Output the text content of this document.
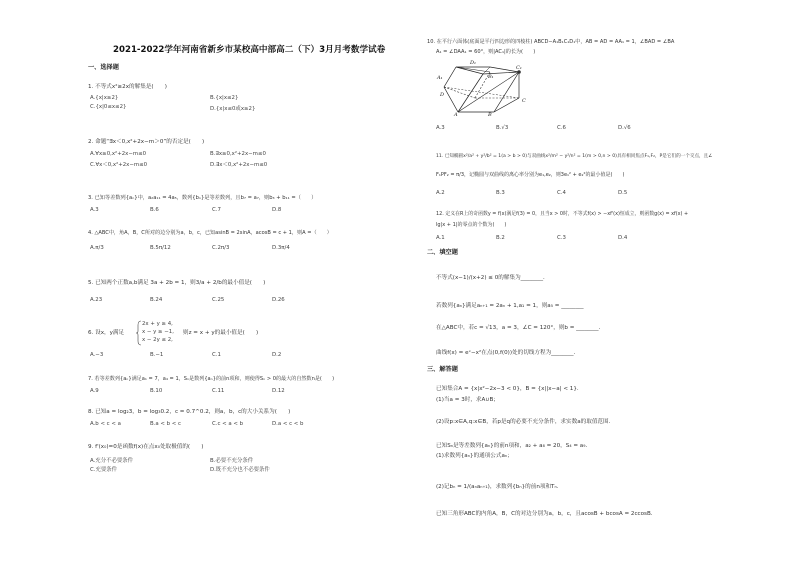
2021-2022学年河南省新乡市某校高中部高二（下）3月月考数学试卷
一、选择题
1. 不等式x²≥2x的解集是(　　)
A.{x|x≥2}	B.{x|x≤2}
C.{x|0≤x≤2}	D.{x|x≤0或x≥2}
2. 命题“∃x＜0,x²+2x−m＞0”的否定是(　　)
A.∀x≥0,x²+2x−m≤0	B.∃x≥0,x²+2x−m≤0
C.∀x＜0,x²+2x−m≤0	D.∃x＜0,x²+2x−m≤0
3. 已知等差数列{aₙ}中，a₂a₁₁ = 4a₅，数列{bₙ}是等差数列，且b₇ = a₇，则b₃ + b₁₁ =（　　）
A.3	B.6	C.7	D.8
4. △ABC中，角A，B，C所对的边分别为a，b，c，已知asinB = 2sinA，acosB = c + 1，则A =（　　）
A.π/3	B.5π/12	C.2π/3	D.3π/4
5. 已知两个正数a,b满足 3a + 2b = 1，则3/a + 2/b的最小值是(　　)
A.23	B.24	C.25	D.26
6. 设x，y满足
2x + y ≥ 4,
x − y ≥ −1,
x − 2y ≤ 2,
则z = x + y的最小值是(　　)
A.−3	B.−1	C.1	D.2
7. 若等差数列{aₙ}满足a₁ = 7，a₄ = 1，Sₙ是数列{aₙ}的前n项和，则使得Sₙ > 0的最大的自然数n是(　　)
A.9	B.10	C.11	D.12
8. 已知a = log₂3，b = log₃0.2，c = 0.7^0.2，则a，b，c的大小关系为(　　)
A.b < c < a	B.a < b < c	C.c < a < b	D.a < c < b
9. f'(x₀)=0是函数f(x)在点x₀处取极值的(　　)
A.充分不必要条件	B.必要不充分条件
C.充要条件	D.既不充分也不必要条件
10. 在平行六面体(底面是平行四边形的四棱柱) ABCD−A₁B₁C₁D₁中，AB = AD = AA₁ = 1，∠BAD = ∠BA
A₁ = ∠DAA₁ = 60°，则|AC₁|的长为(　　)
D₁
C₁
A₁	B₁
D
C
A	B
A.3	B.√3	C.6	D.√6
11. 已知椭圆x²/a² + y²/b² = 1(a > b > 0)与双曲线x²/m² − y²/n² = 1(m > 0,n > 0)具有相同焦点F₁,F₂，P是它们的一个交点，且∠
F₁PF₂ = π/3，记椭圆与双曲线的离心率分别为e₁,e₂，则3e₁² + e₂²的最小值是(　　)
A.2	B.3	C.4	D.5
12. 定义在R上的奇函数y = f(x)满足f(3) = 0，且当x > 0时，不等式f(x) > −xf'(x)恒成立，则函数g(x) = xf(x) +
lg|x + 1|的零点的个数为(　　)
A.1	B.2	C.3	D.4
二、填空题
不等式(x−1)/(x+2) ≤ 0的解集为________．
若数列{aₙ}满足aₙ₊₁ = 2aₙ + 1,a₁ = 1，则a₅ = ________
在△ABC中，若c = √13，a = 3，∠C = 120°，则b = ________．
曲线f(x) = eˣ−x²在点(0,f(0))处的切线方程为________．
三、解答题
已知集合A = {x|x²−2x−3 < 0}，B = {x||x−a| < 1}.
(1)当a = 3时，求A∪B；
(2)设p:x∈A,q:x∈B，若p是q的必要不充分条件，求实数a的取值范围．
已知Sₙ是等差数列{aₙ}的前n项和，a₂ + a₈ = 20，S₄ = a₉．
(1)求数列{aₙ}的通项公式aₙ；
(2)记bₙ = 1/(aₙaₙ₊₁)，求数列{bₙ}的前n项和Tₙ.
已知三角形ABC的内角A，B，C的对边分别为a，b，c，且acosB + bcosA = 2ccosB．
